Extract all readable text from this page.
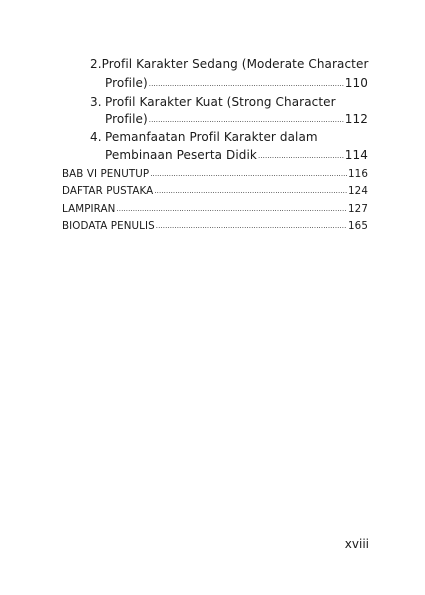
2. Profil Karakter Sedang (Moderate Character
Profile) .....	110
3. Profil Karakter Kuat (Strong Character
Profile) .....	112
4. Pemanfaatan Profil Karakter dalam
Pembinaan Peserta Didik .....	114
BAB VI PENUTUP .....	116
DAFTAR PUSTAKA .....	124
LAMPIRAN .....	127
BIODATA PENULIS .....	165
xviii
